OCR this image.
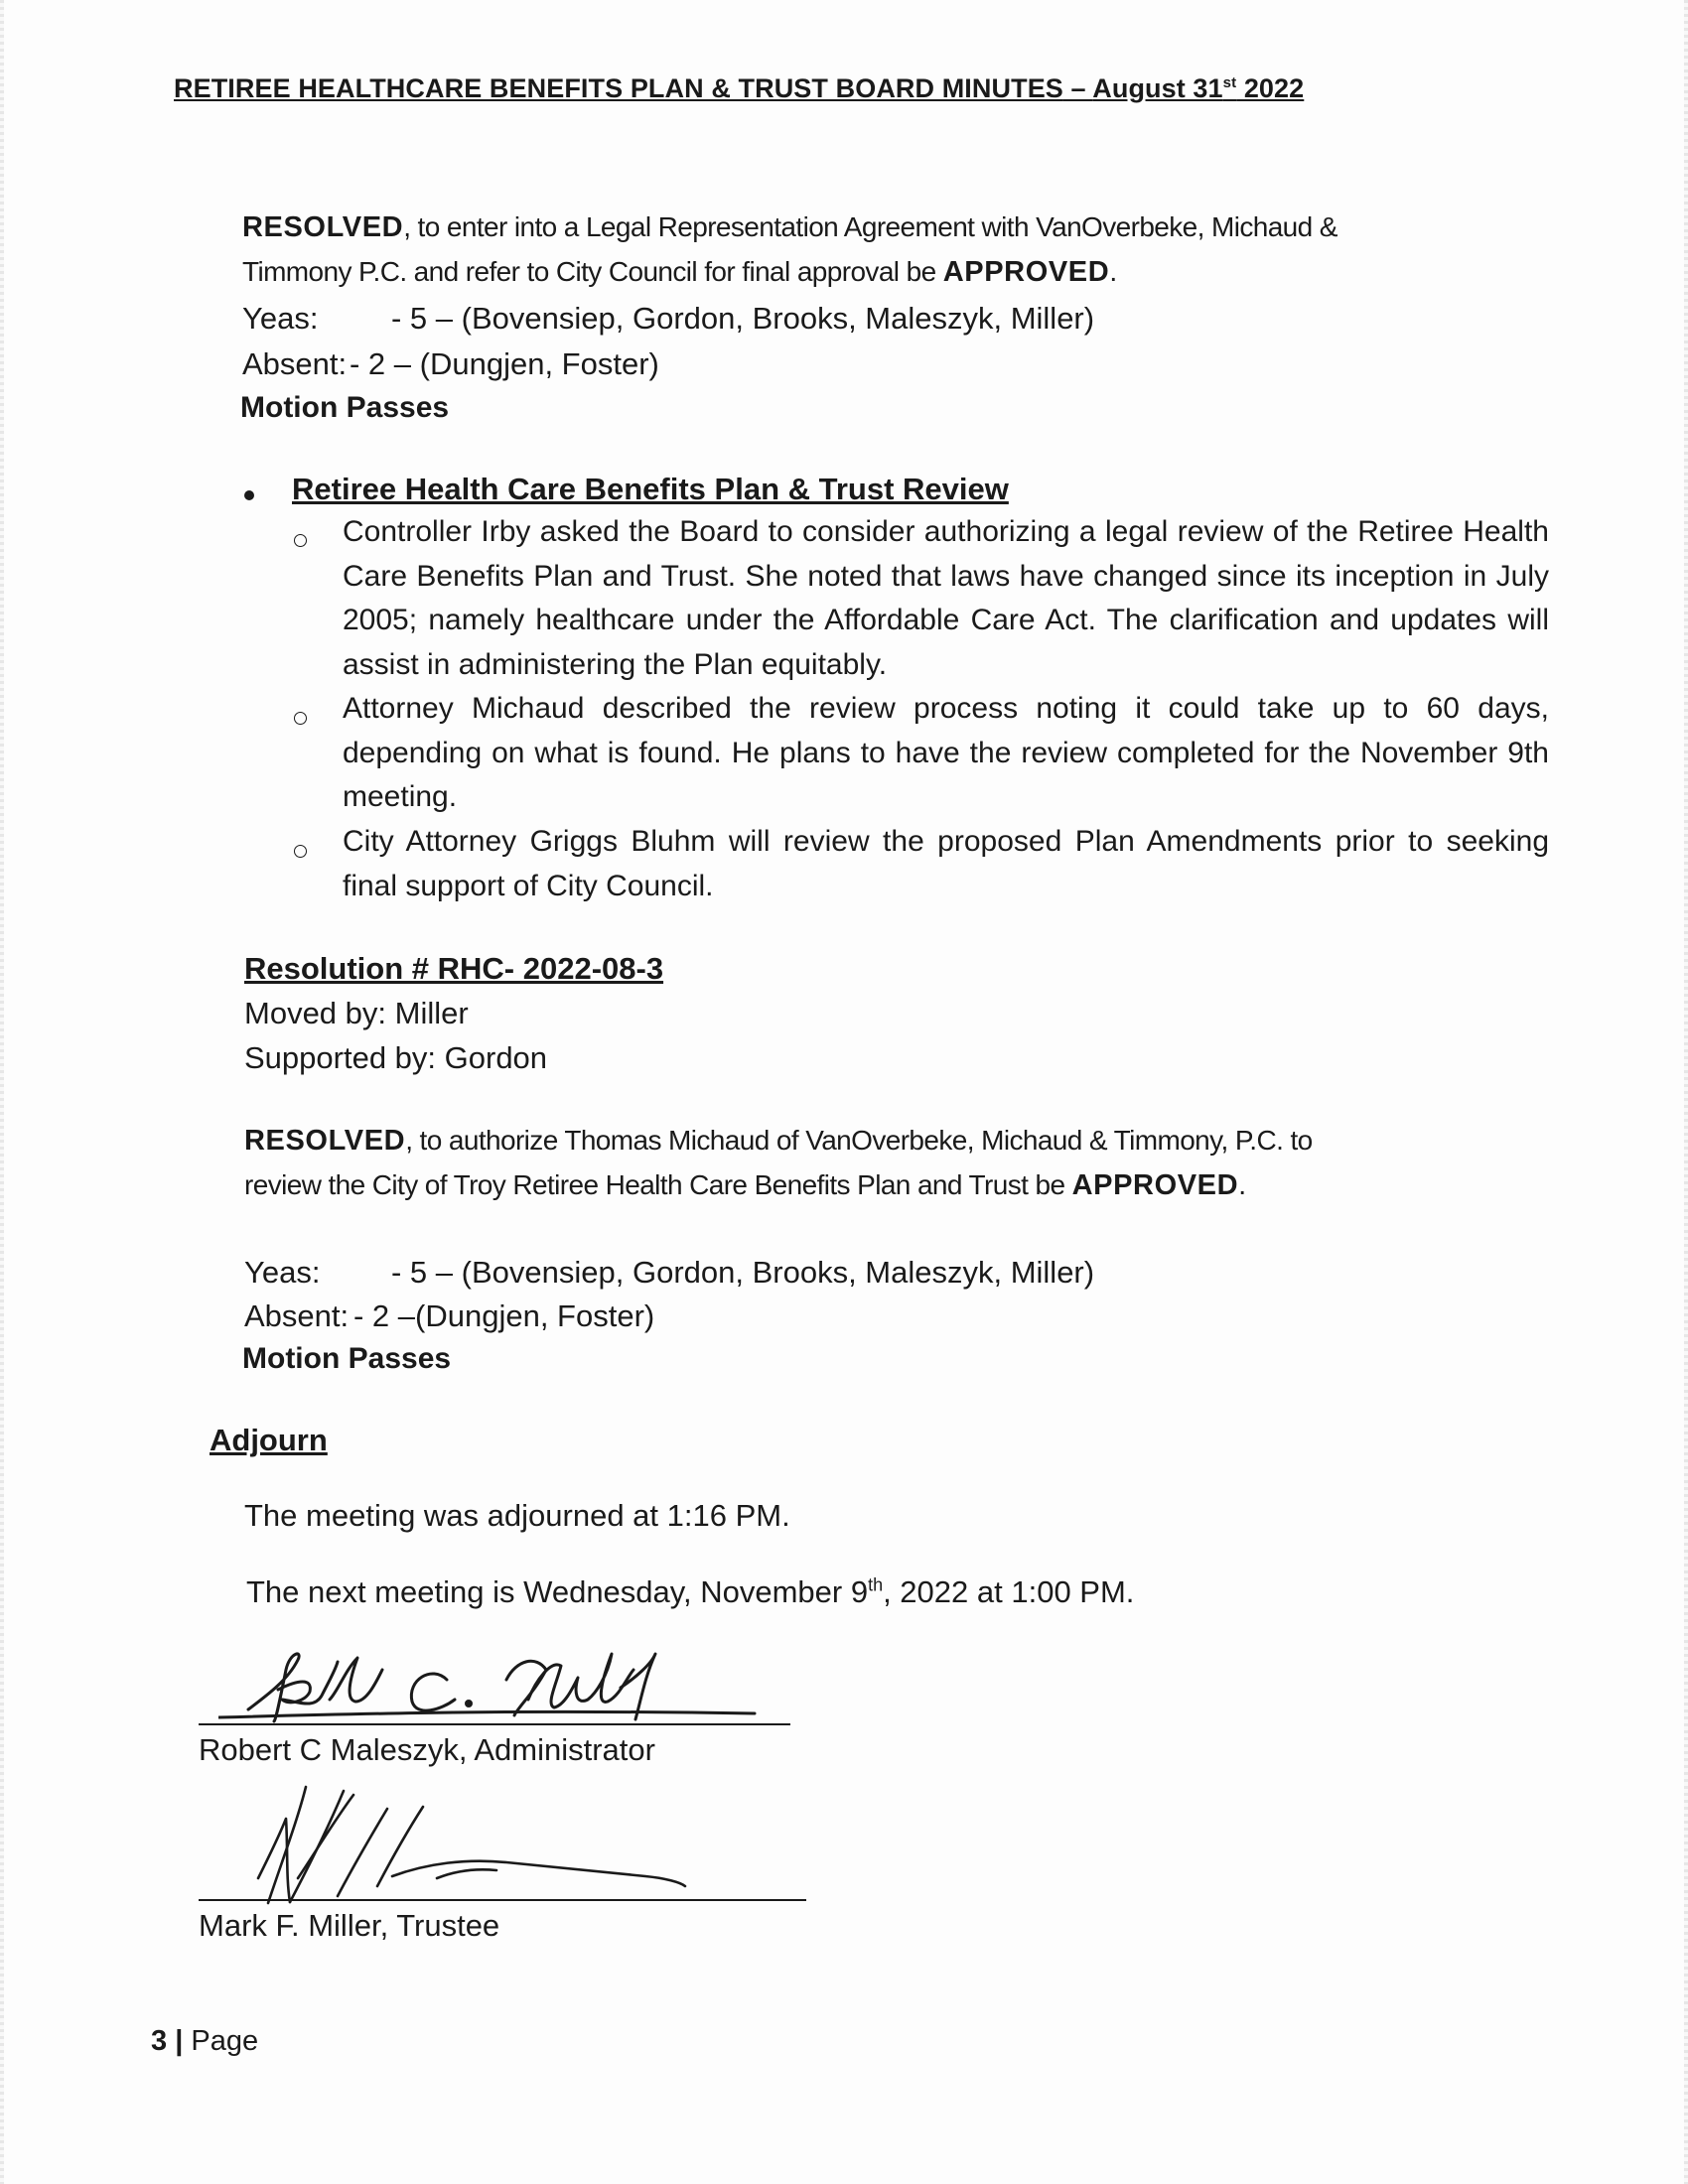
RETIREE HEALTHCARE BENEFITS PLAN & TRUST BOARD MINUTES – August 31st 2022
RESOLVED, to enter into a Legal Representation Agreement with VanOverbeke, Michaud &
Timmony P.C. and refer to City Council for final approval be APPROVED.
Yeas: - 5 – (Bovensiep, Gordon, Brooks, Maleszyk, Miller)
Absent:- 2 – (Dungjen, Foster)
Motion Passes
Retiree Health Care Benefits Plan & Trust Review
Controller Irby asked the Board to consider authorizing a legal review of the Retiree Health Care Benefits Plan and Trust. She noted that laws have changed since its inception in July 2005; namely healthcare under the Affordable Care Act. The clarification and updates will assist in administering the Plan equitably.
Attorney Michaud described the review process noting it could take up to 60 days, depending on what is found. He plans to have the review completed for the November 9th meeting.
City Attorney Griggs Bluhm will review the proposed Plan Amendments prior to seeking final support of City Council.
Resolution # RHC- 2022-08-3
Moved by: Miller
Supported by: Gordon
RESOLVED, to authorize Thomas Michaud of VanOverbeke, Michaud & Timmony, P.C. to
review the City of Troy Retiree Health Care Benefits Plan and Trust be APPROVED.
Yeas: - 5 – (Bovensiep, Gordon, Brooks, Maleszyk, Miller)
Absent: - 2 –(Dungjen, Foster)
Motion Passes
Adjourn
The meeting was adjourned at 1:16 PM.
The next meeting is Wednesday, November 9th, 2022 at 1:00 PM.
Robert C Maleszyk, Administrator
Mark F. Miller, Trustee
3 | Page
